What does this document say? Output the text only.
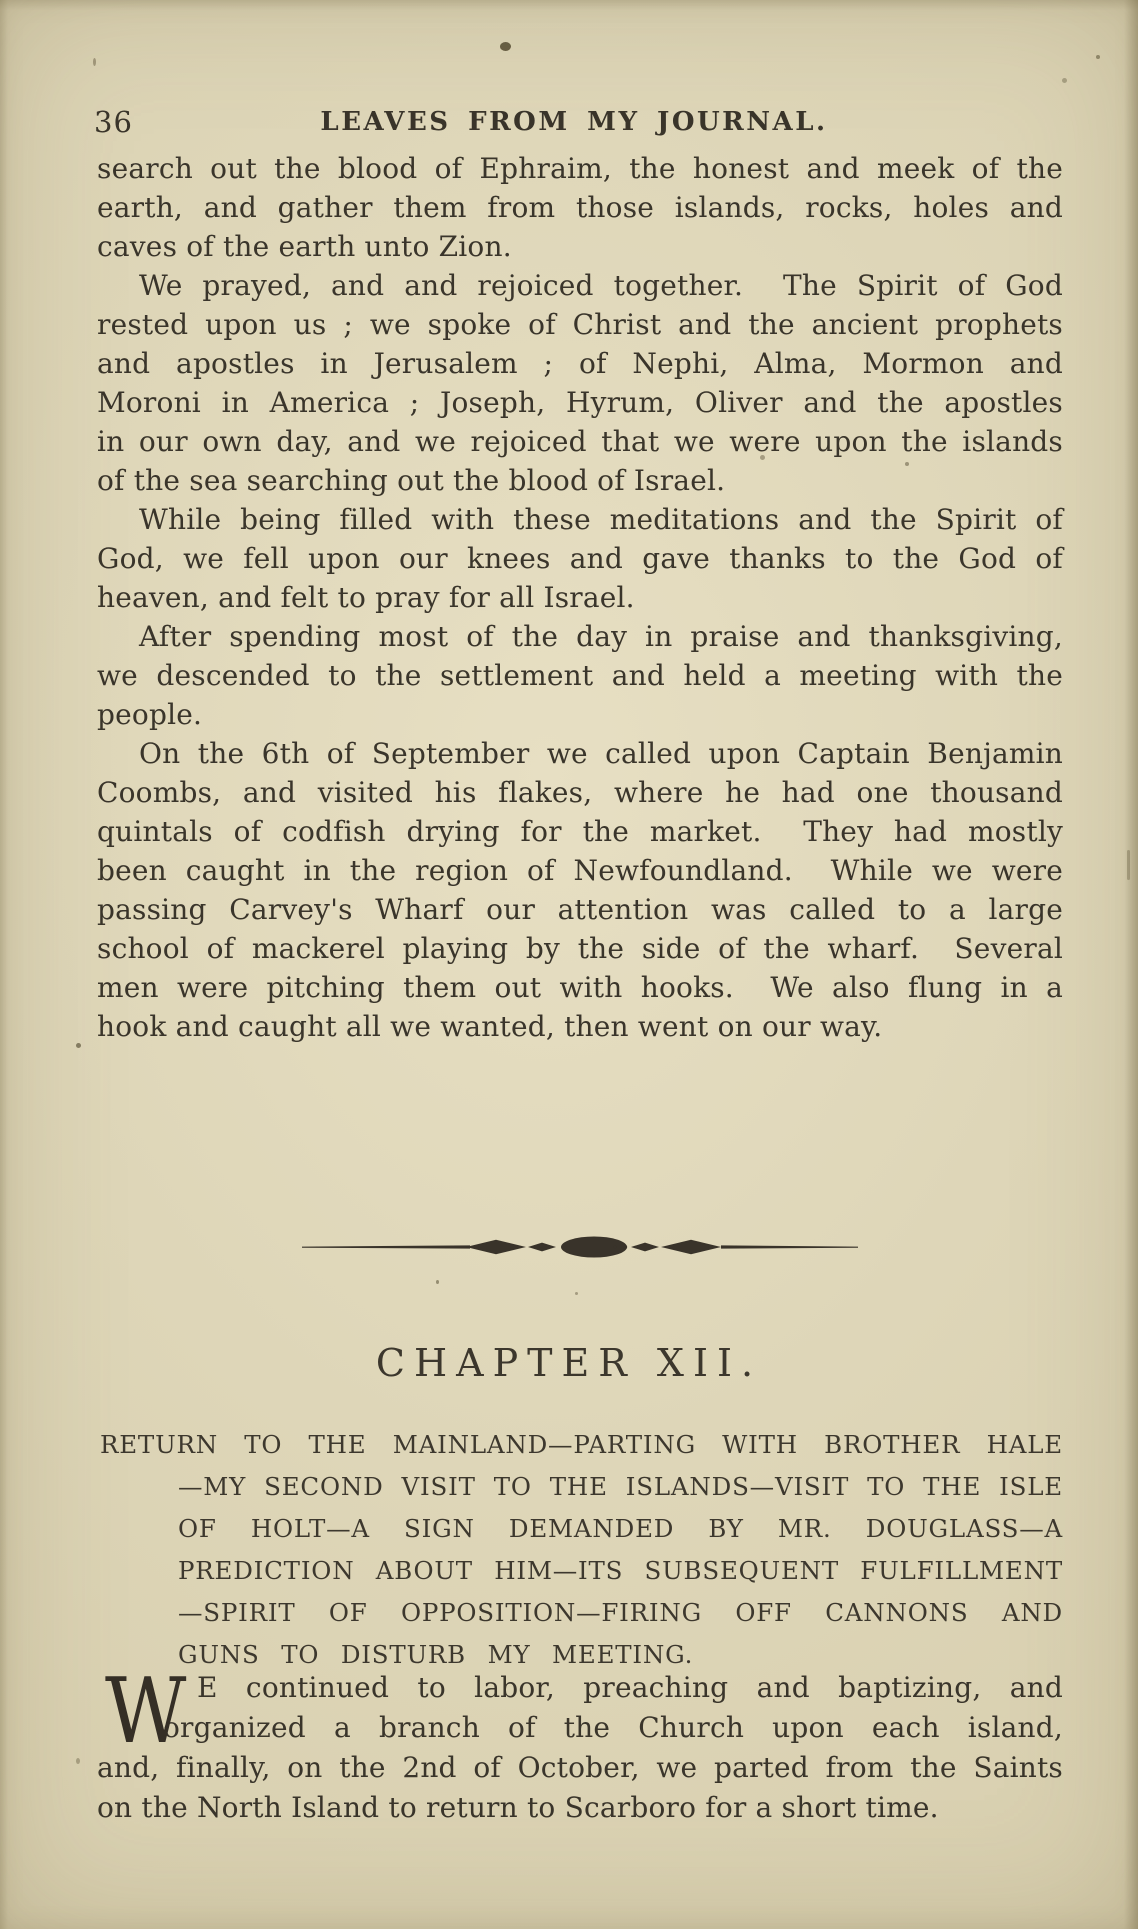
36	LEAVES FROM MY JOURNAL.
search out the blood of Ephraim, the honest and meek of the
earth, and gather them from those islands, rocks, holes and
caves of the earth unto Zion.
We prayed, and and rejoiced together.  The Spirit of God
rested upon us ; we spoke of Christ and the ancient prophets
and apostles in Jerusalem ; of Nephi, Alma, Mormon and
Moroni in America ; Joseph, Hyrum, Oliver and the apostles
in our own day, and we rejoiced that we were upon the islands
of the sea searching out the blood of Israel.
While being filled with these meditations and the Spirit of
God, we fell upon our knees and gave thanks to the God of
heaven, and felt to pray for all Israel.
After spending most of the day in praise and thanksgiving,
we descended to the settlement and held a meeting with the
people.
On the 6th of September we called upon Captain Benjamin
Coombs, and visited his flakes, where he had one thousand
quintals of codfish drying for the market.  They had mostly
been caught in the region of Newfoundland.  While we were
passing Carvey's Wharf our attention was called to a large
school of mackerel playing by the side of the wharf.  Several
men were pitching them out with hooks.  We also flung in a
hook and caught all we wanted, then went on our way.
CHAPTER XII.
RETURN TO THE MAINLAND—PARTING WITH BROTHER HALE
—MY SECOND VISIT TO THE ISLANDS—VISIT TO THE ISLE
OF HOLT—A SIGN DEMANDED BY MR. DOUGLASS—A
PREDICTION ABOUT HIM—ITS SUBSEQUENT FULFILLMENT
—SPIRIT OF OPPOSITION—FIRING OFF CANNONS AND
GUNS TO DISTURB MY MEETING.
W E continued to labor, preaching and baptizing, and
organized a branch of the Church upon each island,
and, finally, on the 2nd of October, we parted from the Saints
on the North Island to return to Scarboro for a short time.
